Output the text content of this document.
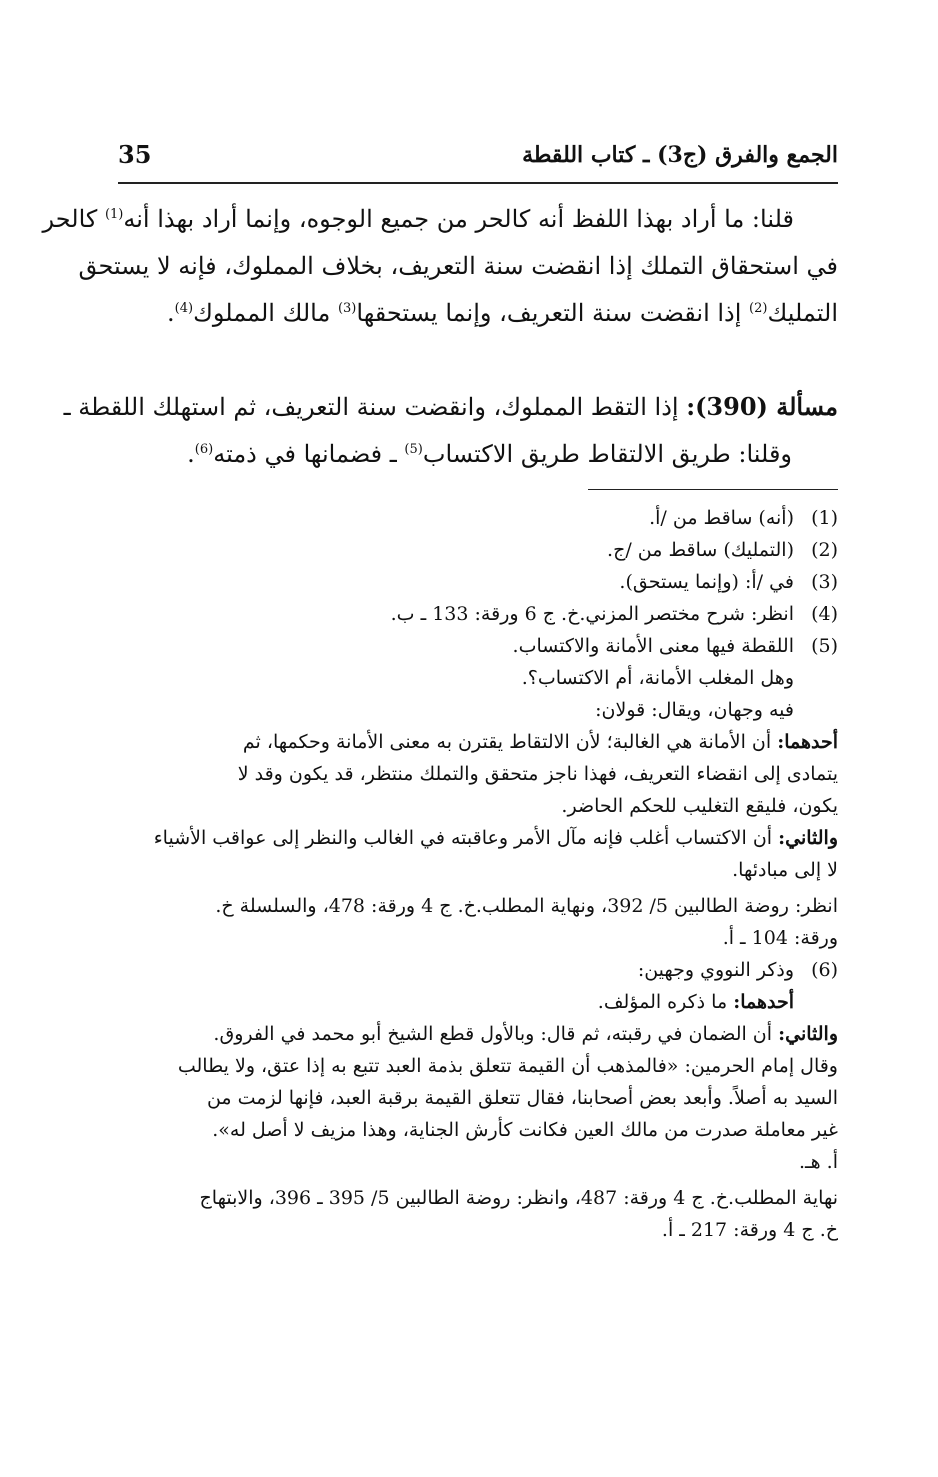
الجمع والفرق (ج3) ـ كتاب اللقطة
35
قلنا: ما أراد بهذا اللفظ أنه كالحر من جميع الوجوه، وإنما أراد بهذا أنه$^{(1)}$ كالحر
في استحقاق التملك إذا انقضت سنة التعريف، بخلاف المملوك، فإنه لا يستحق
التمليك$^{(2)}$ إذا انقضت سنة التعريف، وإنما يستحقها$^{(3)}$ مالك المملوك$^{(4)}$.
مسألة (390): إذا التقط المملوك، وانقضت سنة التعريف، ثم استهلك اللقطة ـ
وقلنا: طريق الالتقاط طريق الاكتساب$^{(5)}$ ـ فضمانها في ذمته$^{(6)}$.
(1)
(أنه) ساقط من /أ.
(2)
(التمليك) ساقط من /ج.
(3)
في /أ: (وإنما يستحق).
(4)
انظر: شرح مختصر المزني.خ. ج 6 ورقة: 133 ـ ب.
(5)
اللقطة فيها معنى الأمانة والاكتساب.
وهل المغلب الأمانة، أم الاكتساب؟.
فيه وجهان، ويقال: قولان:
أحدهما: أن الأمانة هي الغالبة؛ لأن الالتقاط يقترن به معنى الأمانة وحكمها، ثم
يتمادى إلى انقضاء التعريف، فهذا ناجز متحقق والتملك منتظر، قد يكون وقد لا
يكون، فليقع التغليب للحكم الحاضر.
والثاني: أن الاكتساب أغلب فإنه مآل الأمر وعاقبته في الغالب والنظر إلى عواقب الأشياء
لا إلى مبادئها.
انظر: روضة الطالبين 5/ 392، ونهاية المطلب.خ. ج 4 ورقة: 478، والسلسلة خ.
ورقة: 104 ـ أ.
(6)
وذكر النووي وجهين:
أحدهما: ما ذكره المؤلف.
والثاني: أن الضمان في رقبته، ثم قال: وبالأول قطع الشيخ أبو محمد في الفروق.
وقال إمام الحرمين: «فالمذهب أن القيمة تتعلق بذمة العبد تتبع به إذا عتق، ولا يطالب
السيد به أصلاً. وأبعد بعض أصحابنا، فقال تتعلق القيمة برقبة العبد، فإنها لزمت من
غير معاملة صدرت من مالك العين فكانت كأرش الجناية، وهذا مزيف لا أصل له».
أ. هـ.
نهاية المطلب.خ. ج 4 ورقة: 487، وانظر: روضة الطالبين 5/ 395 ـ 396، والابتهاج
خ. ج 4 ورقة: 217 ـ أ.
